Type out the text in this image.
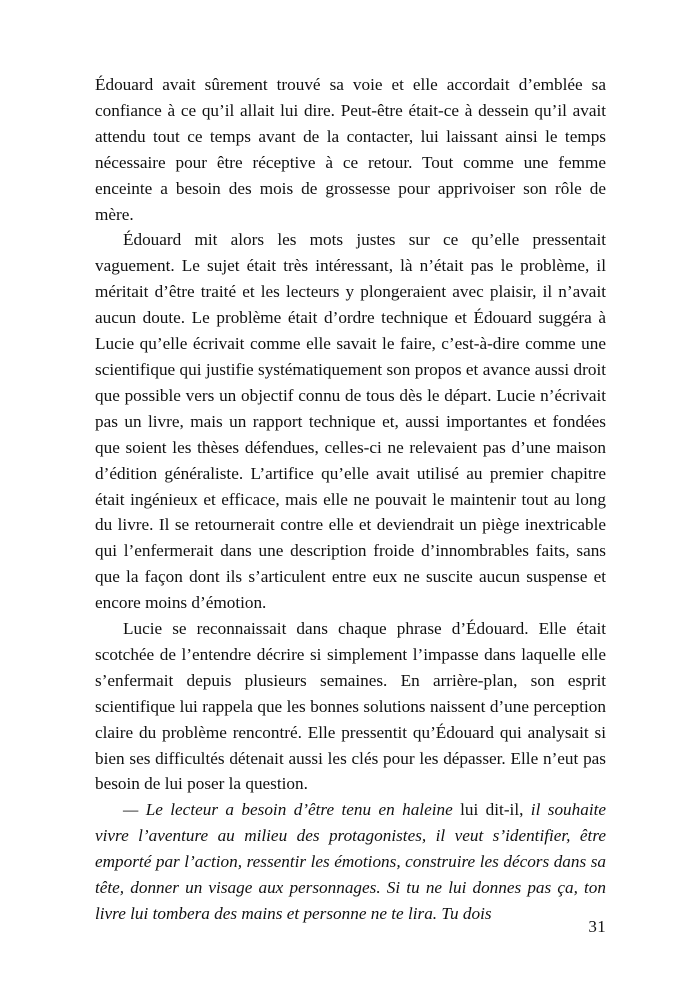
Édouard avait sûrement trouvé sa voie et elle accordait d’emblée sa confiance à ce qu’il allait lui dire. Peut-être était-ce à dessein qu’il avait attendu tout ce temps avant de la contacter, lui laissant ainsi le temps nécessaire pour être réceptive à ce retour. Tout comme une femme enceinte a besoin des mois de grossesse pour apprivoiser son rôle de mère.

Édouard mit alors les mots justes sur ce qu’elle pressentait vaguement. Le sujet était très intéressant, là n’était pas le problème, il méritait d’être traité et les lecteurs y plongeraient avec plaisir, il n’avait aucun doute. Le problème était d’ordre technique et Édouard suggéra à Lucie qu’elle écrivait comme elle savait le faire, c’est-à-dire comme une scientifique qui justifie systématiquement son propos et avance aussi droit que possible vers un objectif connu de tous dès le départ. Lucie n’écrivait pas un livre, mais un rapport technique et, aussi importantes et fondées que soient les thèses défendues, celles-ci ne relevaient pas d’une maison d’édition généraliste. L’artifice qu’elle avait utilisé au premier chapitre était ingénieux et efficace, mais elle ne pouvait le maintenir tout au long du livre. Il se retournerait contre elle et deviendrait un piège inextricable qui l’enfermerait dans une description froide d’innombrables faits, sans que la façon dont ils s’articulent entre eux ne suscite aucun suspense et encore moins d’émotion.

Lucie se reconnaissait dans chaque phrase d’Édouard. Elle était scotchée de l’entendre décrire si simplement l’impasse dans laquelle elle s’enfermait depuis plusieurs semaines. En arrière-plan, son esprit scientifique lui rappela que les bonnes solutions naissent d’une perception claire du problème rencontré. Elle pressentit qu’Édouard qui analysait si bien ses difficultés détenait aussi les clés pour les dépasser. Elle n’eut pas besoin de lui poser la question.

— Le lecteur a besoin d’être tenu en haleine lui dit-il, il souhaite vivre l’aventure au milieu des protagonistes, il veut s’identifier, être emporté par l’action, ressentir les émotions, construire les décors dans sa tête, donner un visage aux personnages. Si tu ne lui donnes pas ça, ton livre lui tombera des mains et personne ne te lira. Tu dois

31
